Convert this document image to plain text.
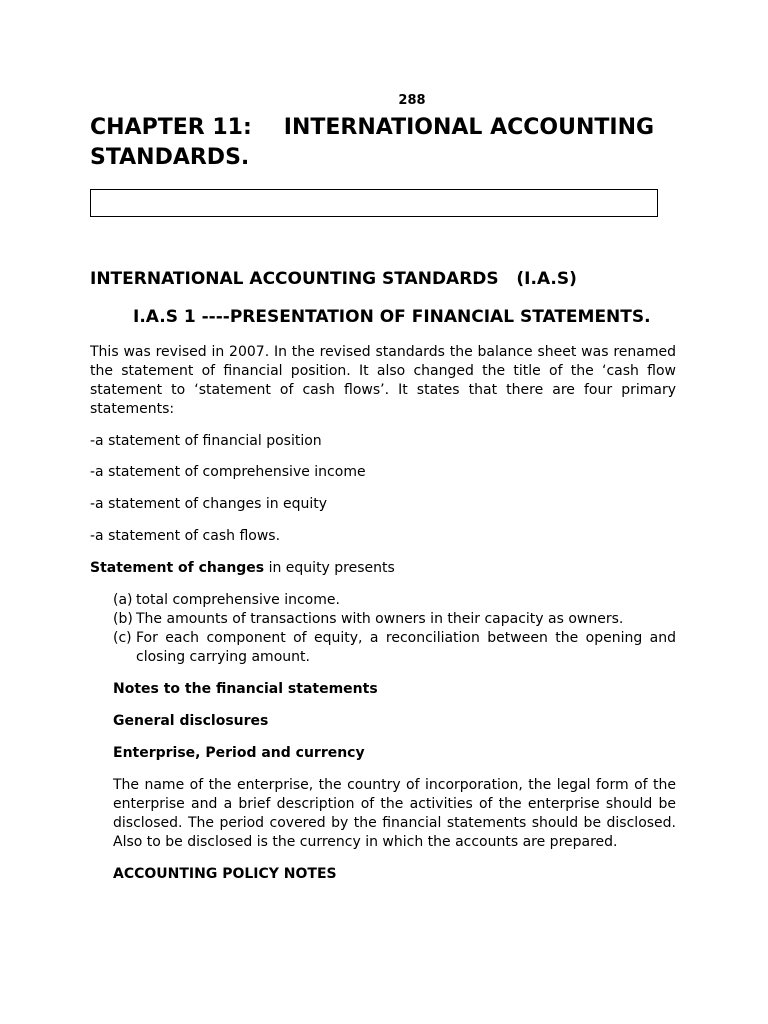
288
CHAPTER 11: INTERNATIONAL ACCOUNTING
STANDARDS.
INTERNATIONAL ACCOUNTING STANDARDS   (I.A.S)
I.A.S 1 ----PRESENTATION OF FINANCIAL STATEMENTS.

This was revised in 2007. In the revised standards the balance sheet was renamed the statement of financial position. It also changed the title of the ‘cash flow statement to ‘statement of cash flows’. It states that there are four primary statements:

-a statement of financial position

-a statement of comprehensive income

-a statement of changes in equity

-a statement of cash flows.

Statement of changes in equity presents

(a) total comprehensive income.
(b) The amounts of transactions with owners in their capacity as owners.
(c) For each component of equity, a reconciliation between the opening and closing carrying amount.

Notes to the financial statements

General disclosures

Enterprise, Period and currency

The name of the enterprise, the country of incorporation, the legal form of the enterprise and a brief description of the activities of the enterprise should be disclosed. The period covered by the financial statements should be disclosed. Also to be disclosed is the currency in which the accounts are prepared.

ACCOUNTING POLICY NOTES
